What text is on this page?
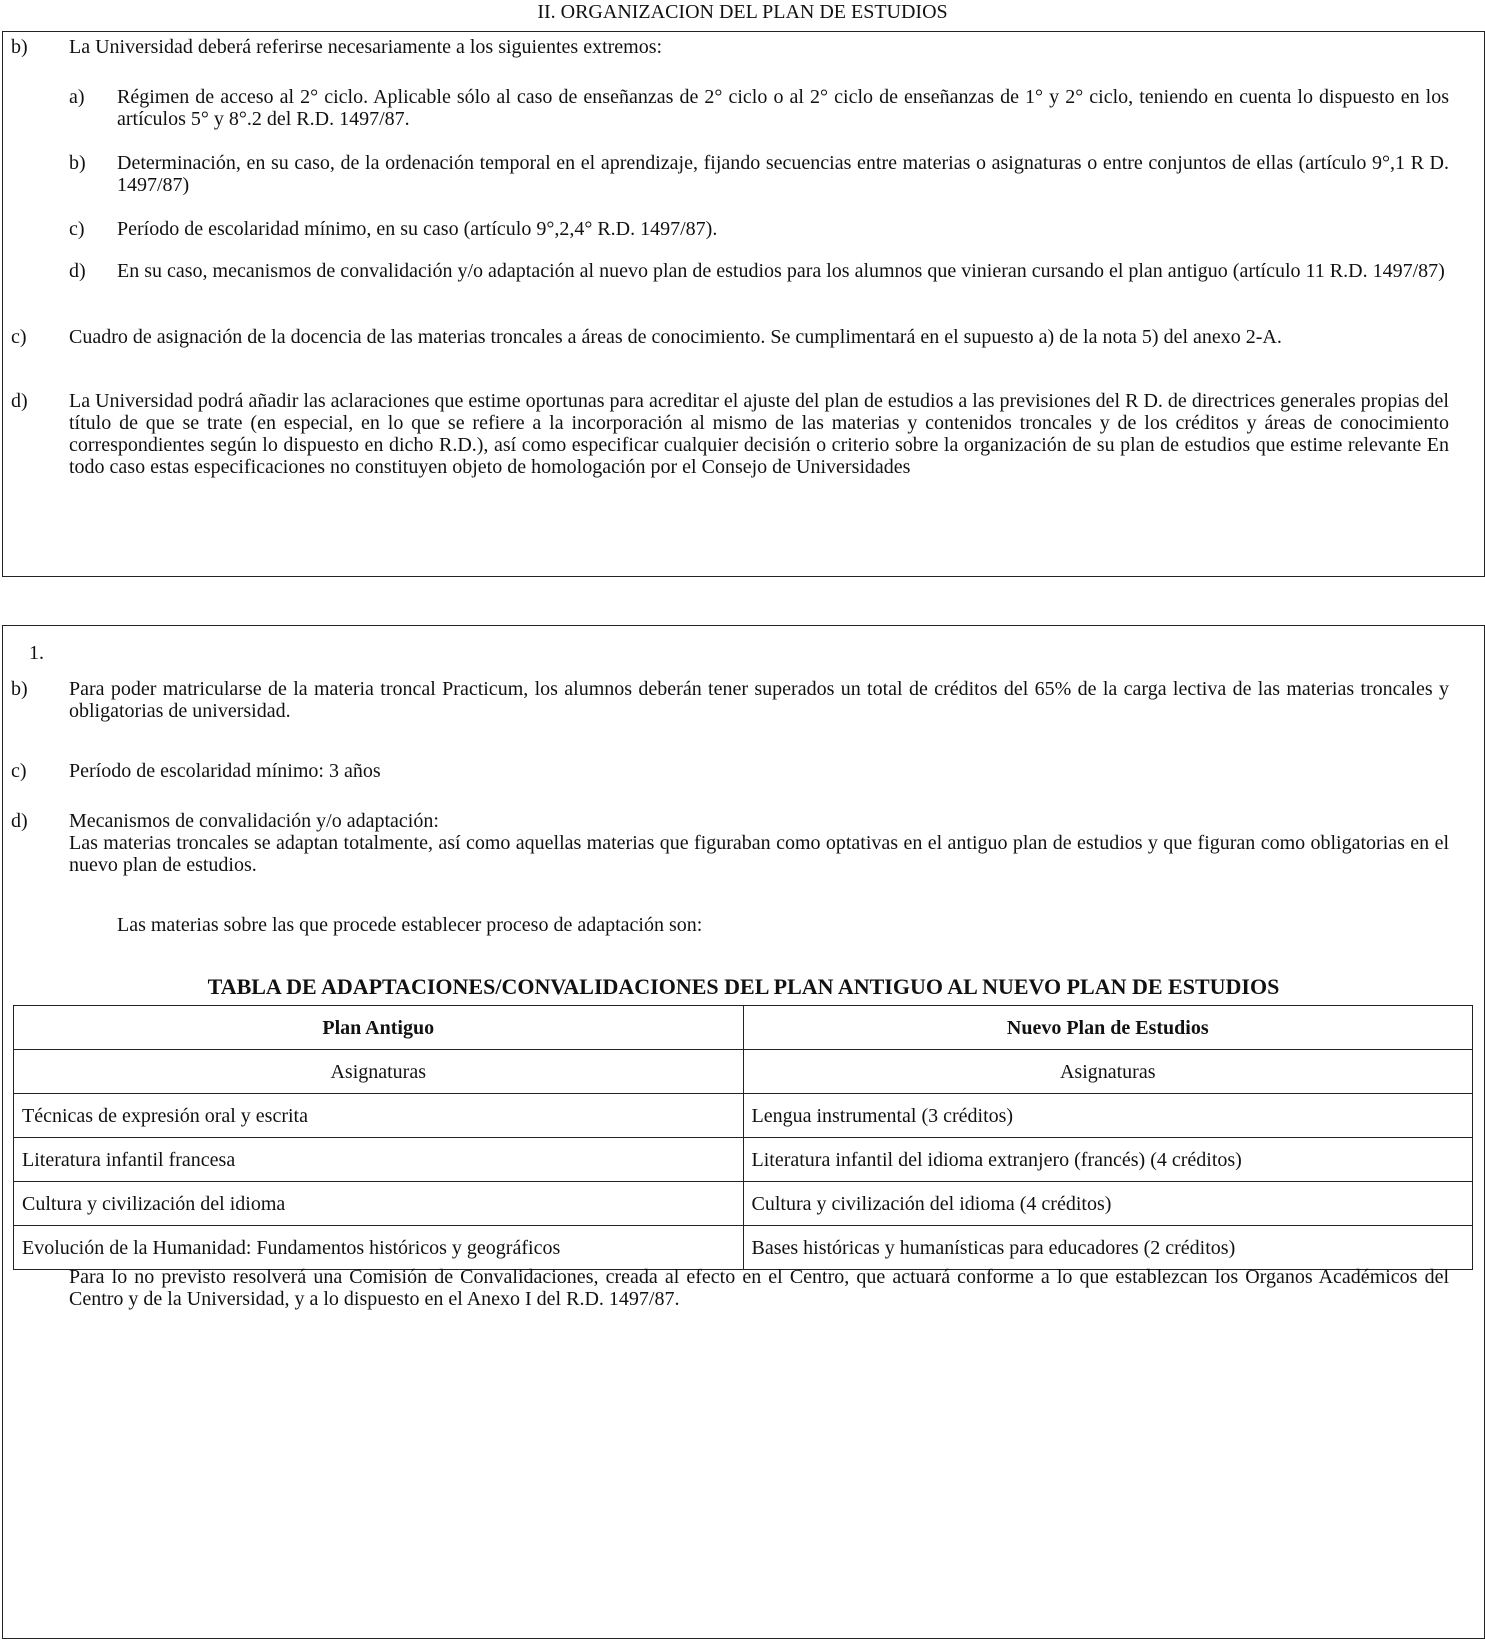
II. ORGANIZACION DEL PLAN DE ESTUDIOS
b) La Universidad deberá referirse necesariamente a los siguientes extremos:
a) Régimen de acceso al 2° ciclo. Aplicable sólo al caso de enseñanzas de 2° ciclo o al 2° ciclo de enseñanzas de 1° y 2° ciclo, teniendo en cuenta lo dispuesto en los artículos 5° y 8°.2 del R.D. 1497/87.
b) Determinación, en su caso, de la ordenación temporal en el aprendizaje, fijando secuencias entre materias o asignaturas o entre conjuntos de ellas (artículo 9°,1 R D. 1497/87)
c) Período de escolaridad mínimo, en su caso (artículo 9°,2,4° R.D. 1497/87).
d) En su caso, mecanismos de convalidación y/o adaptación al nuevo plan de estudios para los alumnos que vinieran cursando el plan antiguo (artículo 11 R.D. 1497/87)
c) Cuadro de asignación de la docencia de las materias troncales a áreas de conocimiento. Se cumplimentará en el supuesto a) de la nota 5) del anexo 2-A.
d) La Universidad podrá añadir las aclaraciones que estime oportunas para acreditar el ajuste del plan de estudios a las previsiones del R D. de directrices generales propias del título de que se trate (en especial, en lo que se refiere a la incorporación al mismo de las materias y contenidos troncales y de los créditos y áreas de conocimiento correspondientes según lo dispuesto en dicho R.D.), así como especificar cualquier decisión o criterio sobre la organización de su plan de estudios que estime relevante En todo caso estas especificaciones no constituyen objeto de homologación por el Consejo de Universidades
1.
b) Para poder matricularse de la materia troncal Practicum, los alumnos deberán tener superados un total de créditos del 65% de la carga lectiva de las materias troncales y obligatorias de universidad.
c) Período de escolaridad mínimo: 3 años
d) Mecanismos de convalidación y/o adaptación:
Las materias troncales se adaptan totalmente, así como aquellas materias que figuraban como optativas en el antiguo plan de estudios y que figuran como obligatorias en el nuevo plan de estudios.
Las materias sobre las que procede establecer proceso de adaptación son:
TABLA DE ADAPTACIONES/CONVALIDACIONES DEL PLAN ANTIGUO AL NUEVO PLAN DE ESTUDIOS
Plan Antiguo	Nuevo Plan de Estudios
Asignaturas	Asignaturas
Técnicas de expresión oral y escrita	Lengua instrumental (3 créditos)
Literatura infantil francesa	Literatura infantil del idioma extranjero (francés) (4 créditos)
Cultura y civilización del idioma	Cultura y civilización del idioma (4 créditos)
Evolución de la Humanidad: Fundamentos históricos y geográficos	Bases históricas y humanísticas para educadores (2 créditos)
Para lo no previsto resolverá una Comisión de Convalidaciones, creada al efecto en el Centro, que actuará conforme a lo que establezcan los Organos Académicos del Centro y de la Universidad, y a lo dispuesto en el Anexo I del R.D. 1497/87.
